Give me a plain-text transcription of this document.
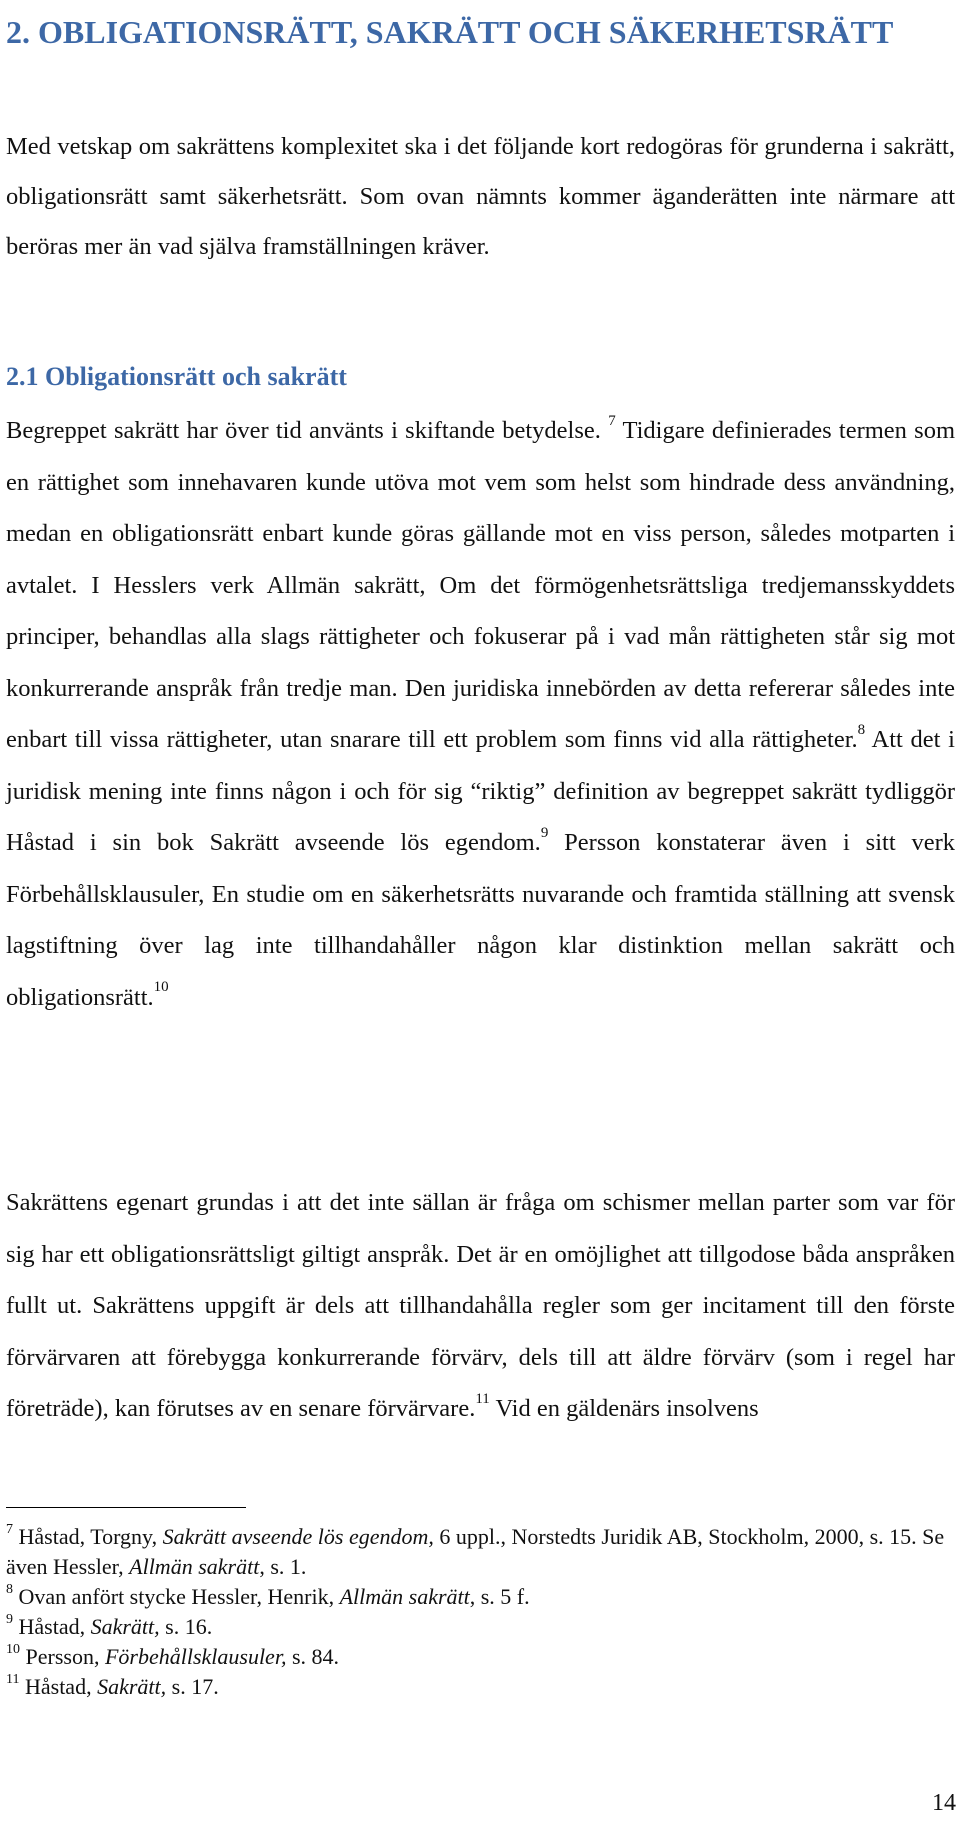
2. OBLIGATIONSRÄTT, SAKRÄTT OCH SÄKERHETSRÄTT

Med vetskap om sakrättens komplexitet ska i det följande kort redogöras för grunderna i sakrätt, obligationsrätt samt säkerhetsrätt. Som ovan nämnts kommer äganderätten inte närmare att beröras mer än vad själva framställningen kräver.

2.1 Obligationsrätt och sakrätt

Begreppet sakrätt har över tid använts i skiftande betydelse. $^7$ Tidigare definierades termen som en rättighet som innehavaren kunde utöva mot vem som helst som hindrade dess användning, medan en obligationsrätt enbart kunde göras gällande mot en viss person, således motparten i avtalet. I Hesslers verk Allmän sakrätt, Om det förmögenhetsrättsliga tredjemansskyddets principer, behandlas alla slags rättigheter och fokuserar på i vad mån rättigheten står sig mot konkurrerande anspråk från tredje man. Den juridiska innebörden av detta refererar således inte enbart till vissa rättigheter, utan snarare till ett problem som finns vid alla rättigheter.$^8$ Att det i juridisk mening inte finns någon i och för sig “riktig” definition av begreppet sakrätt tydliggör Håstad i sin bok Sakrätt avseende lös egendom.$^9$ Persson konstaterar även i sitt verk Förbehållsklausuler, En studie om en säkerhetsrätts nuvarande och framtida ställning att svensk lagstiftning över lag inte tillhandahåller någon klar distinktion mellan sakrätt och obligationsrätt.$^{10}$

Sakrättens egenart grundas i att det inte sällan är fråga om schismer mellan parter som var för sig har ett obligationsrättsligt giltigt anspråk. Det är en omöjlighet att tillgodose båda anspråken fullt ut. Sakrättens uppgift är dels att tillhandahålla regler som ger incitament till den förste förvärvaren att förebygga konkurrerande förvärv, dels till att äldre förvärv (som i regel har företräde), kan förutses av en senare förvärvare.$^{11}$ Vid en gäldenärs insolvens

$^7$ Håstad, Torgny, Sakrätt avseende lös egendom, 6 uppl., Norstedts Juridik AB, Stockholm, 2000, s. 15. Se även Hessler, Allmän sakrätt, s. 1.
$^8$ Ovan anfört stycke Hessler, Henrik, Allmän sakrätt, s. 5 f.
$^9$ Håstad, Sakrätt, s. 16.
$^{10}$ Persson, Förbehållsklausuler, s. 84.
$^{11}$ Håstad, Sakrätt, s. 17.
14
